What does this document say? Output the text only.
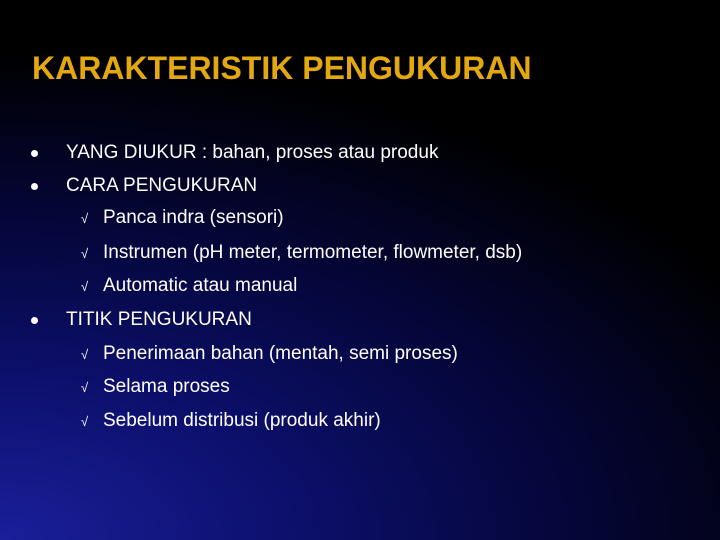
KARAKTERISTIK PENGUKURAN
YANG DIUKUR : bahan, proses atau produk
CARA PENGUKURAN
√ Panca indra (sensori)
√ Instrumen (pH meter, termometer, flowmeter, dsb)
√ Automatic atau manual
TITIK PENGUKURAN
√ Penerimaan bahan (mentah, semi proses)
√ Selama proses
√ Sebelum distribusi (produk akhir)
